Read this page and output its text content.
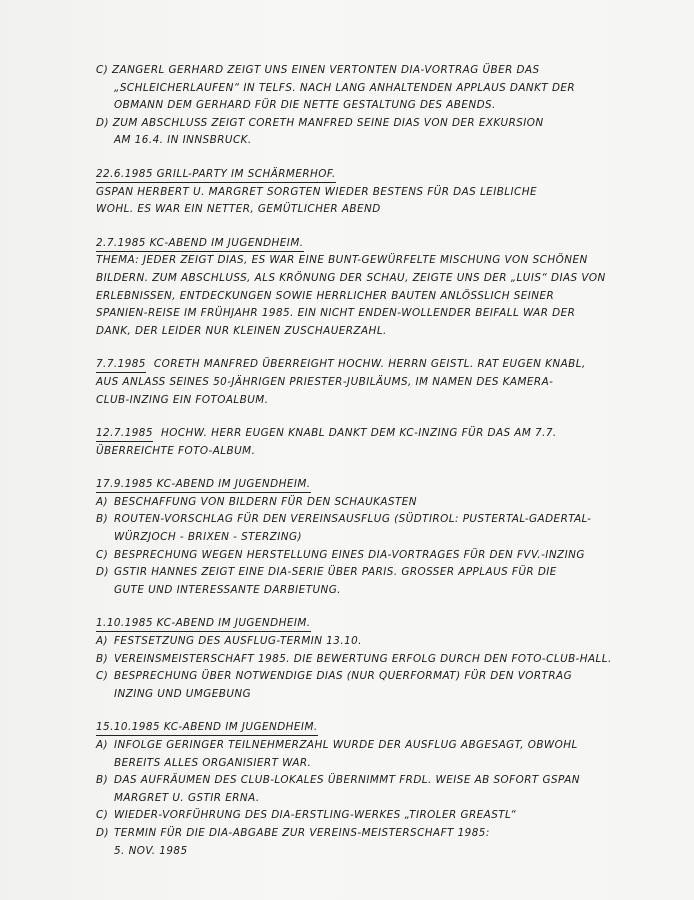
C) ZANGERL GERHARD ZEIGT UNS EINEN VERTONTEN DIA-VORTRAG ÜBER DAS
„SCHLEICHERLAUFEN“ IN TELFS. NACH LANG ANHALTENDEN APPLAUS DANKT DER
OBMANN DEM GERHARD FÜR DIE NETTE GESTALTUNG DES ABENDS.
D) ZUM ABSCHLUSS ZEIGT CORETH MANFRED SEINE DIAS VON DER EXKURSION
AM 16.4. IN INNSBRUCK.
22.6.1985 GRILL-PARTY IM SCHÄRMERHOF.
GSPAN HERBERT U. MARGRET SORGTEN WIEDER BESTENS FÜR DAS LEIBLICHE
WOHL. ES WAR EIN NETTER, GEMÜTLICHER ABEND
2.7.1985 KC-ABEND IM JUGENDHEIM.
THEMA: JEDER ZEIGT DIAS, ES WAR EINE BUNT-GEWÜRFELTE MISCHUNG VON SCHÖNEN
BILDERN. ZUM ABSCHLUSS, ALS KRÖNUNG DER SCHAU, ZEIGTE UNS DER „LUIS“ DIAS VON
ERLEBNISSEN, ENTDECKUNGEN SOWIE HERRLICHER BAUTEN ANLÖSSLICH SEINER
SPANIEN-REISE IM FRÜHJAHR 1985. EIN NICHT ENDEN-WOLLENDER BEIFALL WAR DER
DANK, DER LEIDER NUR KLEINEN ZUSCHAUERZAHL.
7.7.1985 CORETH MANFRED ÜBERREIGHT HOCHW. HERRN GEISTL. RAT EUGEN KNABL,
AUS ANLASS SEINES 50-JÄHRIGEN PRIESTER-JUBILÄUMS, IM NAMEN DES KAMERA-
CLUB-INZING EIN FOTOALBUM.
12.7.1985 HOCHW. HERR EUGEN KNABL DANKT DEM KC-INZING FÜR DAS AM 7.7.
ÜBERREICHTE FOTO-ALBUM.
17.9.1985 KC-ABEND IM JUGENDHEIM.
A) BESCHAFFUNG VON BILDERN FÜR DEN SCHAUKASTEN
B) ROUTEN-VORSCHLAG FÜR DEN VEREINSAUSFLUG (SÜDTIROL: PUSTERTAL-GADERTAL-
WÜRZJOCH - BRIXEN - STERZING)
C) BESPRECHUNG WEGEN HERSTELLUNG EINES DIA-VORTRAGES FÜR DEN FVV.-INZING
D) GSTIR HANNES ZEIGT EINE DIA-SERIE ÜBER PARIS. GROSSER APPLAUS FÜR DIE
GUTE UND INTERESSANTE DARBIETUNG.
1.10.1985 KC-ABEND IM JUGENDHEIM.
A) FESTSETZUNG DES AUSFLUG-TERMIN 13.10.
B) VEREINSMEISTERSCHAFT 1985. DIE BEWERTUNG ERFOLG DURCH DEN FOTO-CLUB-HALL.
C) BESPRECHUNG ÜBER NOTWENDIGE DIAS (NUR QUERFORMAT) FÜR DEN VORTRAG
INZING UND UMGEBUNG
15.10.1985 KC-ABEND IM JUGENDHEIM.
A) INFOLGE GERINGER TEILNEHMERZAHL WURDE DER AUSFLUG ABGESAGT, OBWOHL
BEREITS ALLES ORGANISIERT WAR.
B) DAS AUFRÄUMEN DES CLUB-LOKALES ÜBERNIMMT FRDL. WEISE AB SOFORT GSPAN
MARGRET U. GSTIR ERNA.
C) WIEDER-VORFÜHRUNG DES DIA-ERSTLING-WERKES „TIROLER GREASTL“
D) TERMIN FÜR DIE DIA-ABGABE ZUR VEREINS-MEISTERSCHAFT 1985:
5. NOV. 1985
